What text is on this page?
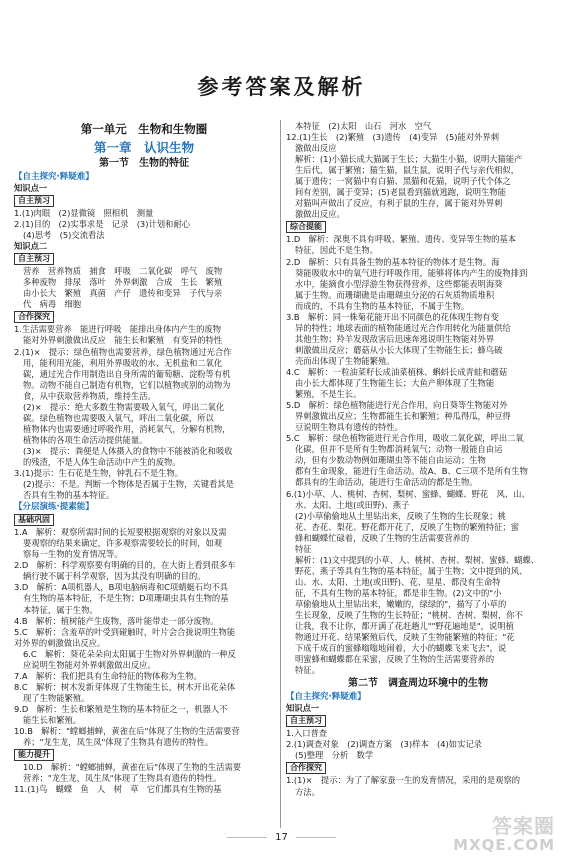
参考答案及解析
第一单元　生物和生物圈
第一章　认识生物
第一节　生物的特征
【自主探究·释疑难】
知识点一
自主预习
1.(1)肉眼　(2)显微镜　照相机　测量
2.(1)目的　(2)实事求是　记录　(3)计划和耐心
(4)思考　(5)交流看法
知识点二
自主预习
营养　营养物质　捕食　呼吸　二氧化碳　呼气　废物
多种废物　排尿　落叶　外界刺激　合成　生长　繁殖
由小长大　繁殖　真菌　产仔　遗传和变异　子代与亲
代　病毒　细胞
合作探究
1.生活需要营养　能进行呼吸　能排出身体内产生的废物
能对外界刺激做出反应　能生长和繁殖　有变异的特性
2.(1)×　提示：绿色植物也需要营养，绿色植物通过光合作
用，能利用光能，利用外界吸收的水、无机盐和二氧化
碳，通过光合作用制造出自身所需的葡萄糖、淀粉等有机
物。动物不能自己制造有机物，它们以植物或别的动物为
食，从中获取营养物质，维持生活。
(2)×　提示：绝大多数生物需要吸入氧气，呼出二氧化
碳。绿色植物也需要吸入氧气，呼出二氧化碳，所以
植物体内也需要通过呼吸作用，消耗氧气，分解有机物，
植物体的各项生命活动提供能量。
(3)×　提示：粪便是人体摄入的食物中不能被消化和吸收
的残渣，不是人体生命活动中产生的废物。
3.(1)提示：生石花是生物，钟乳石不是生物。
(2)提示：不是。判断一个物体是否属于生物，关键看其是
否具有生物的基本特征。
【分层演练·提素能】
基础巩固
1.A　解析：观察所需时间的长短要根据观察的对象以及需
要观察的结果来确定，许多观察需要较长的时间，如观
察每一生物的发育情况等。
2.D　解析：科学观察要有明确的目的，在大街上看到很多车
辆行驶不属于科学观察，因为其没有明确的目的。
3.D　解析：A项机器人，B项电脑病毒和C项蜻蜓石均不具
有生物的基本特征，不是生物；D项珊瑚虫具有生物的基
本特征，属于生物。
4.B　解析：植树能产生废物，落叶能带走一部分废物。
5.C　解析：含羞草的叶受到碰触时，叶片会合拢说明生物能
对外界的刺激做出反应。
6.C　解析：葵花朵朵向太阳属于生物对外界刺激的一种反
应说明生物能对外界刺激做出反应。
7.A　解析：我们把具有生命特征的物体称为生物。
8.C　解析：树木发新芽体现了生物能生长，树木开出花朵体
现了生物能繁殖。
9.D　解析：生长和繁殖是生物的基本特征之一，机器人不
能生长和繁殖。
10.B　解析："螳螂捕蝉，黄雀在后"体现了生物的生活需要营
养；"龙生龙，凤生凤"体现了生物具有遗传的特性。
能力提升
10.D　解析："螳螂捕蝉，黄雀在后"体现了生物的生活需要
营养；"龙生龙，凤生凤"体现了生物具有遗传的特性。
11.(1)鸟　蝴蝶　鱼　人　树　草　它们都具有生物的基
本特征　(2)太阳　山石　河水　空气
12.(1)生长　(2)繁殖　(3)遗传　(4)变异　(5)能对外界刺
激做出反应
解析：(1)小猫长成大猫属于生长；大猫生小猫，说明大猫能产
生后代，属于繁殖；猫生猫，鼠生鼠，说明子代与亲代相似，
属于遗传；一窝猫中有白猫、黑猫和花猫，说明子代个体之
间有差别，属于变异；(5)老鼠看到猫就逃跑，说明生物能
对猫叫声做出了反应，有利于鼠的生存，属于能对外界刺
激做出反应。
综合提能
1.D　解析：深奥不具有呼吸、繁殖、遗传、变异等生物的基本
特征，因此不是生物。
2.D　解析：只有具备生物的基本特征的物体才是生物。海
葵能吸收水中的氧气进行呼吸作用，能够将体内产生的废物排到
水中，能摘食小型浮游生物获得营养，这些都能表明海葵
属于生物。而珊瑚礁是由珊瑚虫分泌的石灰质物质堆积
而成的，不具有生物的基本特征，不属于生物。
3.B　解析：同一株菊花能开出不同颜色的花体现生物有变
异的特性；地球表面的植物能通过光合作用转化为能量供给
其他生物；羚羊发现敌害后迅速奔逃说明生物能对外界
刺激做出反应；蘑菇从小长大体现了生物能生长；蜂鸟破
壳而出体现了生物能繁殖。
4.C　解析：一粒油菜籽长成油菜植株、蝌蚪长成青蛙和蘑菇
由小长大都体现了生物能生长；大鱼产卵体现了生物能
繁殖，不是生长。
5.D　解析：绿色植物能进行光合作用，向日葵等生物能对外
界刺激做出反应；生物都能生长和繁殖；种瓜得瓜，种豆得
豆说明生物具有遗传的特性。
5.C　解析：绿色植物能进行光合作用，吸收二氧化碳，呼出二氧
化碳，但并不是所有生物都消耗氧气；动物一般能自由运
动，但有少数动物例如珊瑚虫等不能自由运动；生物
都有生命现象，能进行生命活动。故A、B、C三项不是所有生物
都具有的生命活动，能进行生命活动的都是生物。
6.(1)小草、人、桃树、杏树、梨树、蜜蜂、蝴蝶、野花　风、山、
水、太阳、土地(或田野)、燕子
(2)小草偷偷地从土里钻出来，反映了生物的生长现象；桃
花、杏花、梨花、野花都开花了，反映了生物的繁殖特征；蜜
蜂和蝴蝶忙碌着，反映了生物的生活需要营养的
特征
解析：(1)文中提到的小草、人、桃树、杏树、梨树、蜜蜂、蝴蝶、
野花、燕子等具有生物的基本特征，属于生物；文中提到的风、
山、水、太阳、土地(或田野)、花、星星、都没有生命特
征，不具有生物的基本特征，都是非生物。(2)文中的"小
草偷偷地从土里钻出来，嫩嫩的，绿绿的"，描写了小草的
生长现象，反映了生物的生长特征；"桃树、杏树、梨树，你不
让我，我不让你，都开满了花赶趟儿""野花遍地是"，说明植
物通过开花、结果繁殖后代，反映了生物能繁殖的特征；"花
下成千成百的蜜蜂嗡嗡地闹着，大小的蝴蝶飞来飞去"，说
明蜜蜂和蝴蝶都在采蜜，反映了生物的生活需要营养的
特征。
第二节　调查周边环境中的生物
【自主探究·释疑难】
知识点一
自主预习
1.入口普查
2.(1)调查对象　(2)调查方案　(3)样本　(4)如实记录
(5)整理　分析　数学
合作探究
1.(1)×　提示：为了了解家蚕一生的发育情况，采用的是观察的
方法。
17	答案圈
MXQE.COM
